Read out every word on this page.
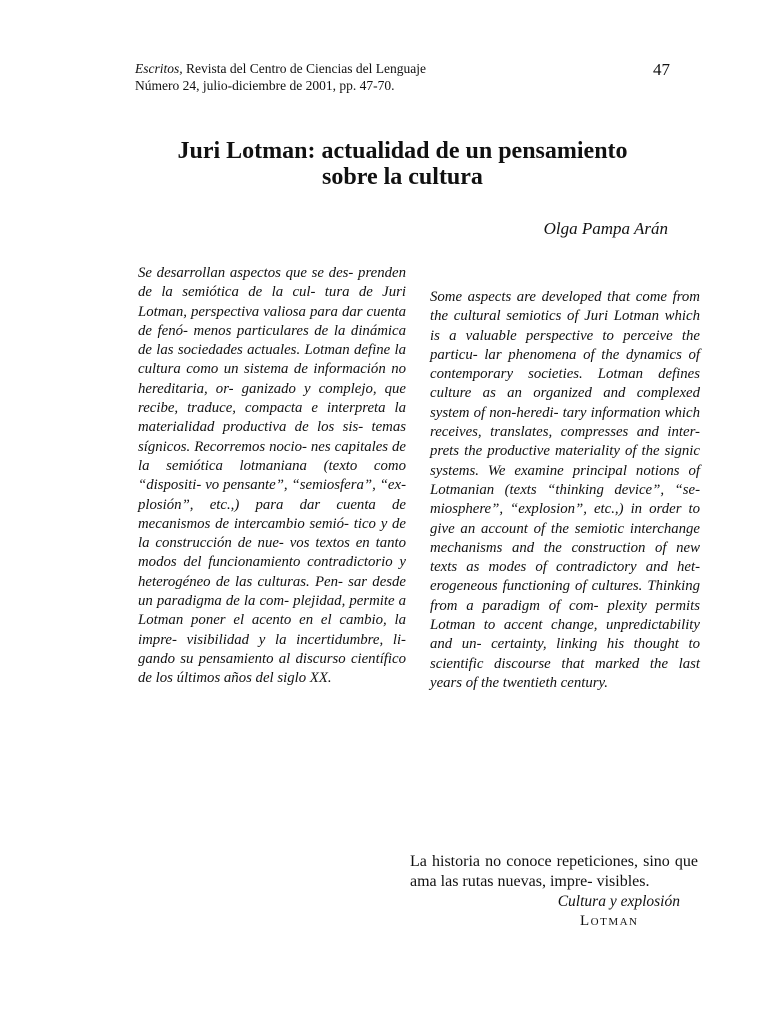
Escritos, Revista del Centro de Ciencias del Lenguaje
Número 24, julio-diciembre de 2001, pp. 47-70.
47
Juri Lotman: actualidad de un pensamiento
sobre la cultura
Olga Pampa Arán

Se desarrollan aspectos que se des- prenden de la semiótica de la cul- tura de Juri Lotman, perspectiva valiosa para dar cuenta de fenó- menos particulares de la dinámica de las sociedades actuales. Lotman define la cultura como un sistema de información no hereditaria, or- ganizado y complejo, que recibe, traduce, compacta e interpreta la materialidad productiva de los sis- temas sígnicos. Recorremos nocio- nes capitales de la semiótica lotmaniana (texto como “dispositi- vo pensante”, “semiosfera”, “ex- plosión”, etc.,) para dar cuenta de mecanismos de intercambio semió- tico y de la construcción de nue- vos textos en tanto modos del funcionamiento contradictorio y heterogéneo de las culturas. Pen- sar desde un paradigma de la com- plejidad, permite a Lotman poner el acento en el cambio, la impre- visibilidad y la incertidumbre, li- gando su pensamiento al discurso científico de los últimos años del siglo XX.

Some aspects are developed that come from the cultural semiotics of Juri Lotman which is a valuable perspective to perceive the particu- lar phenomena of the dynamics of contemporary societies. Lotman defines culture as an organized and complexed system of non-heredi- tary information which receives, translates, compresses and inter- prets the productive materiality of the signic systems. We examine principal notions of Lotmanian (texts “thinking device”, “se- miosphere”, “explosion”, etc.,) in order to give an account of the semiotic interchange mechanisms and the construction of new texts as modes of contradictory and het- erogeneous functioning of cultures. Thinking from a paradigm of com- plexity permits Lotman to accent change, unpredictability and un- certainty, linking his thought to scientific discourse that marked the last years of the twentieth century.

La historia no conoce repeticiones, sino que ama las rutas nuevas, impre- visibles.

Cultura y explosión
Lotman
